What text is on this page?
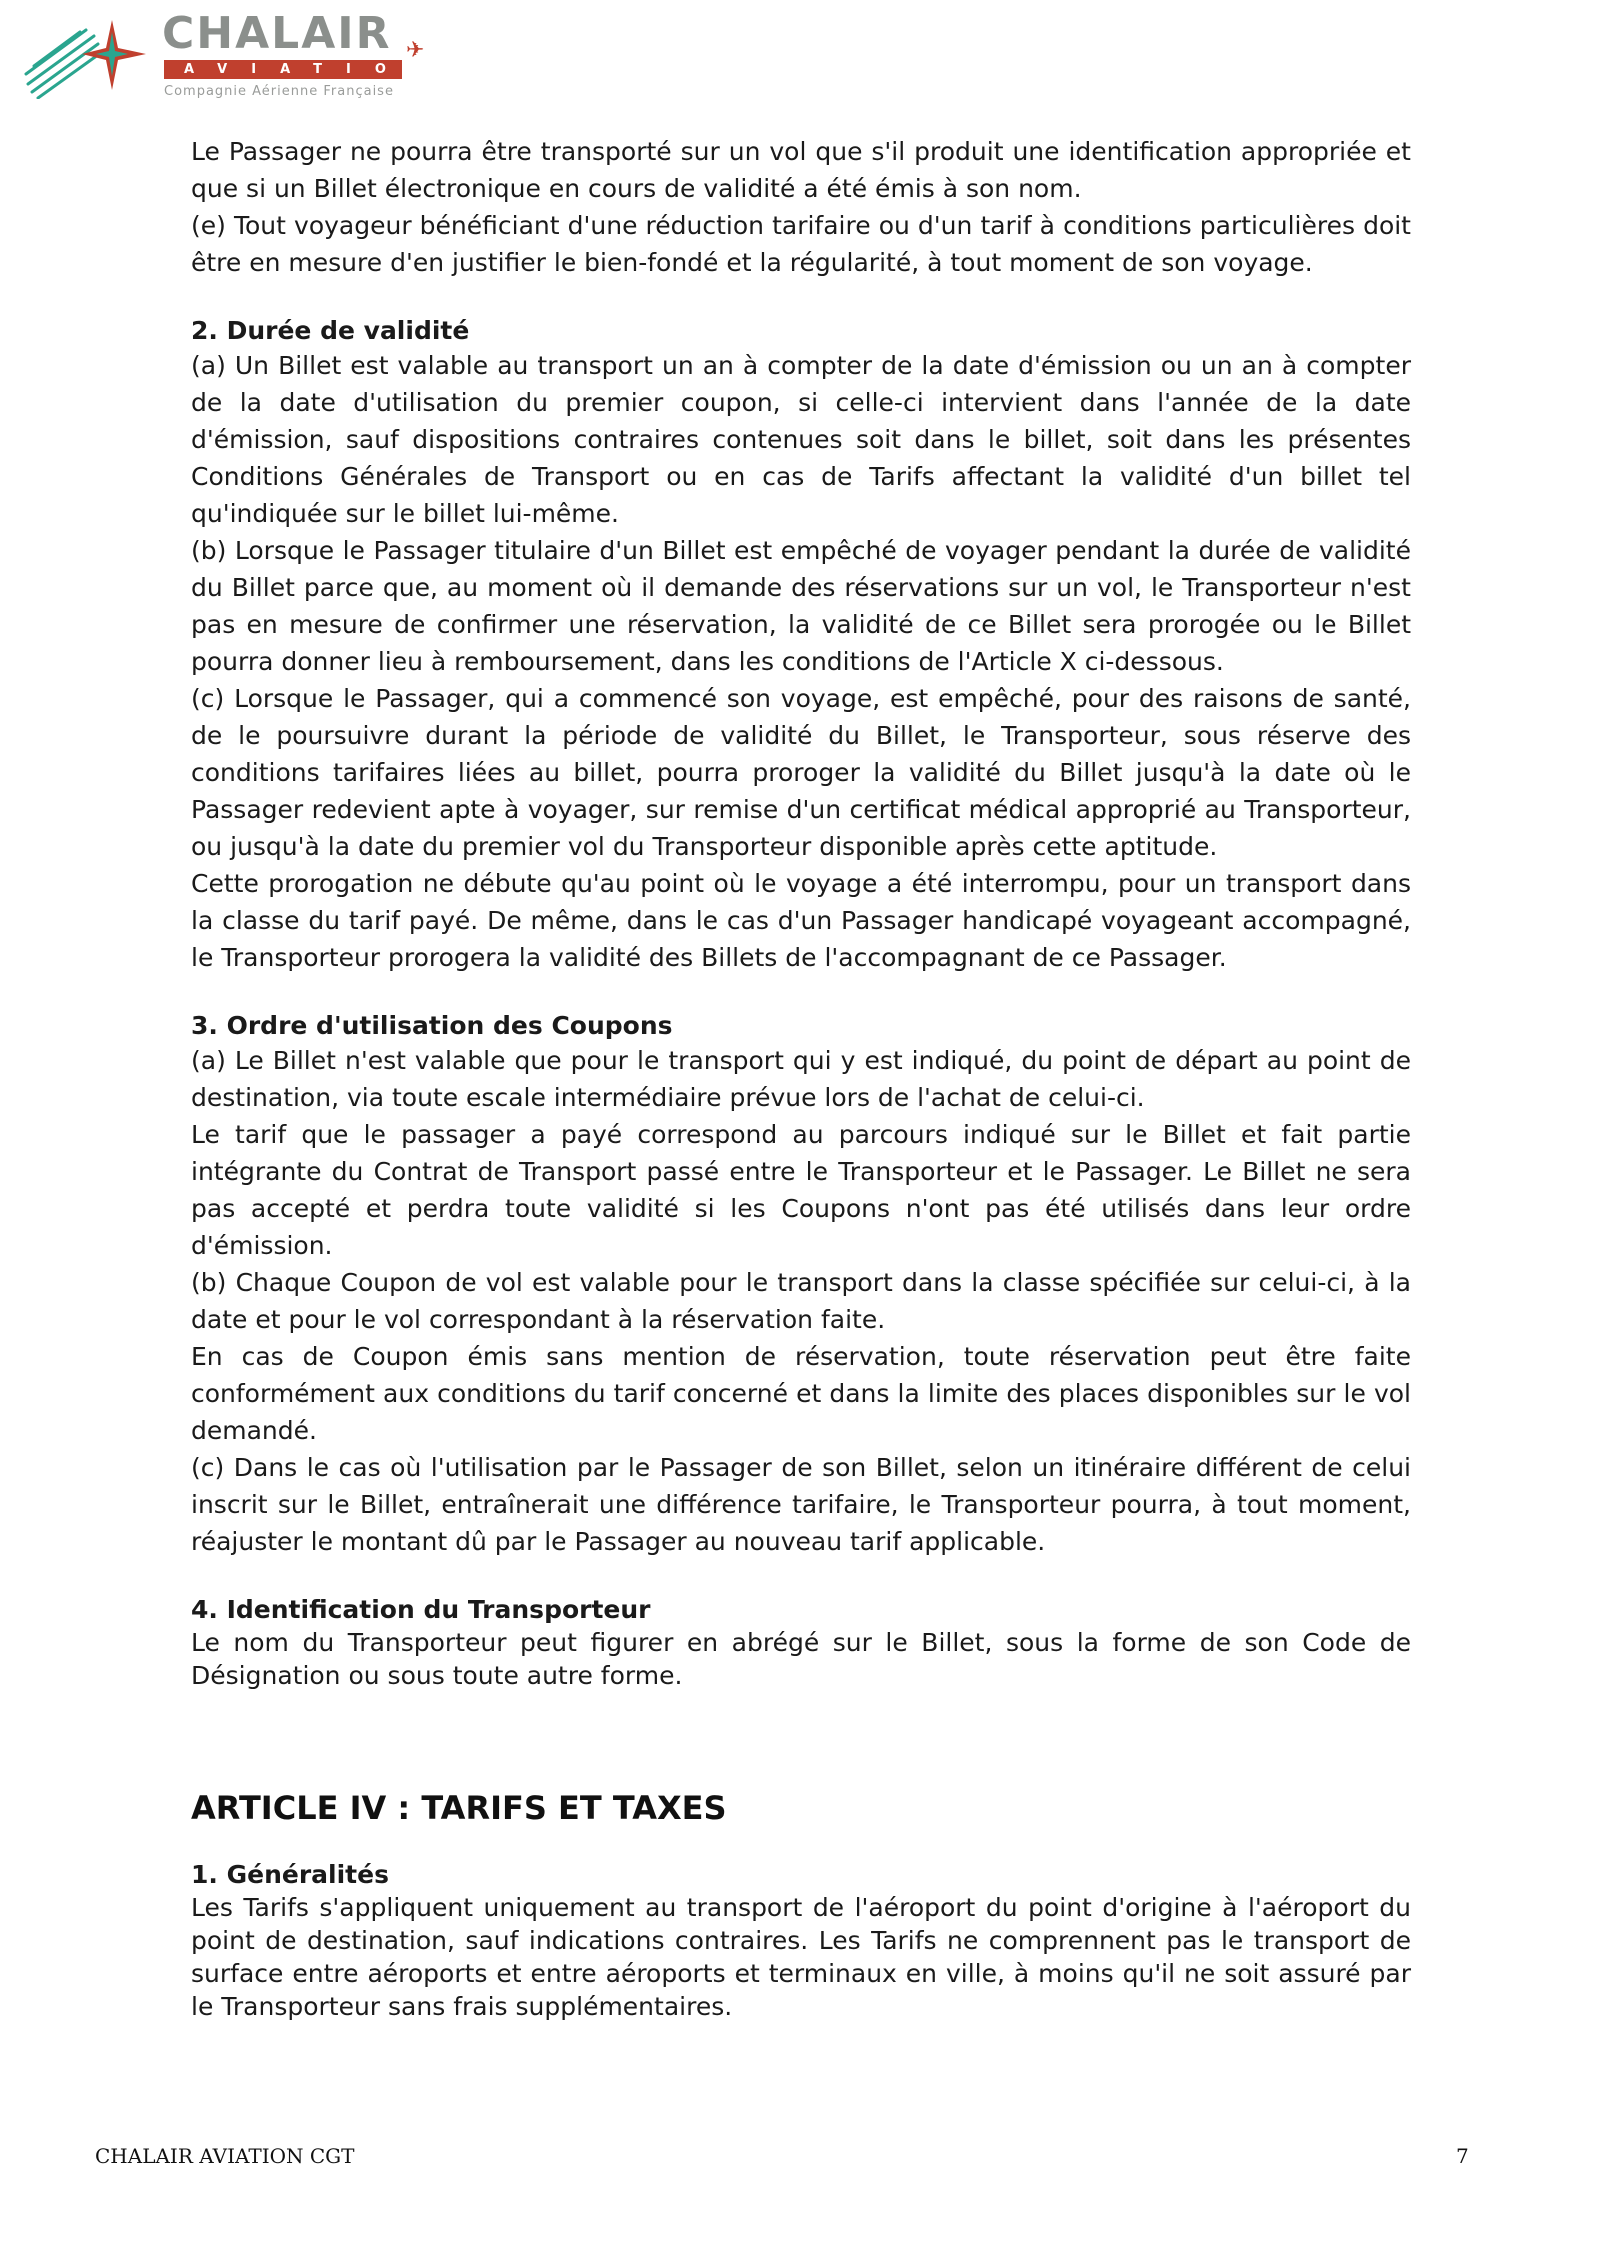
CHALAIR
AVIATION
Compagnie Aérienne Française
✈

Le Passager ne pourra être transporté sur un vol que s'il produit une identification appropriée et que si un Billet électronique en cours de validité a été émis à son nom.

(e) Tout voyageur bénéficiant d'une réduction tarifaire ou d'un tarif à conditions particulières doit être en mesure d'en justifier le bien-fondé et la régularité, à tout moment de son voyage.

2. Durée de validité

(a) Un Billet est valable au transport un an à compter de la date d'émission ou un an à compter de la date d'utilisation du premier coupon, si celle-ci intervient dans l'année de la date d'émission, sauf dispositions contraires contenues soit dans le billet, soit dans les présentes Conditions Générales de Transport ou en cas de Tarifs affectant la validité d'un billet tel qu'indiquée sur le billet lui-même.

(b) Lorsque le Passager titulaire d'un Billet est empêché de voyager pendant la durée de validité du Billet parce que, au moment où il demande des réservations sur un vol, le Transporteur n'est pas en mesure de confirmer une réservation, la validité de ce Billet sera prorogée ou le Billet pourra donner lieu à remboursement, dans les conditions de l'Article X ci-dessous.

(c) Lorsque le Passager, qui a commencé son voyage, est empêché, pour des raisons de santé, de le poursuivre durant la période de validité du Billet, le Transporteur, sous réserve des conditions tarifaires liées au billet, pourra proroger la validité du Billet jusqu'à la date où le Passager redevient apte à voyager, sur remise d'un certificat médical approprié au Transporteur, ou jusqu'à la date du premier vol du Transporteur disponible après cette aptitude.

Cette prorogation ne débute qu'au point où le voyage a été interrompu, pour un transport dans la classe du tarif payé. De même, dans le cas d'un Passager handicapé voyageant accompagné, le Transporteur prorogera la validité des Billets de l'accompagnant de ce Passager.

3. Ordre d'utilisation des Coupons

(a) Le Billet n'est valable que pour le transport qui y est indiqué, du point de départ au point de destination, via toute escale intermédiaire prévue lors de l'achat de celui-ci.

Le tarif que le passager a payé correspond au parcours indiqué sur le Billet et fait partie intégrante du Contrat de Transport passé entre le Transporteur et le Passager. Le Billet ne sera pas accepté et perdra toute validité si les Coupons n'ont pas été utilisés dans leur ordre d'émission.

(b) Chaque Coupon de vol est valable pour le transport dans la classe spécifiée sur celui-ci, à la date et pour le vol correspondant à la réservation faite.

En cas de Coupon émis sans mention de réservation, toute réservation peut être faite conformément aux conditions du tarif concerné et dans la limite des places disponibles sur le vol demandé.

(c) Dans le cas où l'utilisation par le Passager de son Billet, selon un itinéraire différent de celui inscrit sur le Billet, entraînerait une différence tarifaire, le Transporteur pourra, à tout moment, réajuster le montant dû par le Passager au nouveau tarif applicable.

4. Identification du Transporteur

Le nom du Transporteur peut figurer en abrégé sur le Billet, sous la forme de son Code de Désignation ou sous toute autre forme.

ARTICLE IV : TARIFS ET TAXES
1. Généralités

Les Tarifs s'appliquent uniquement au transport de l'aéroport du point d'origine à l'aéroport du point de destination, sauf indications contraires. Les Tarifs ne comprennent pas le transport de surface entre aéroports et entre aéroports et terminaux en ville, à moins qu'il ne soit assuré par le Transporteur sans frais supplémentaires.

CHALAIR AVIATION CGT	7
